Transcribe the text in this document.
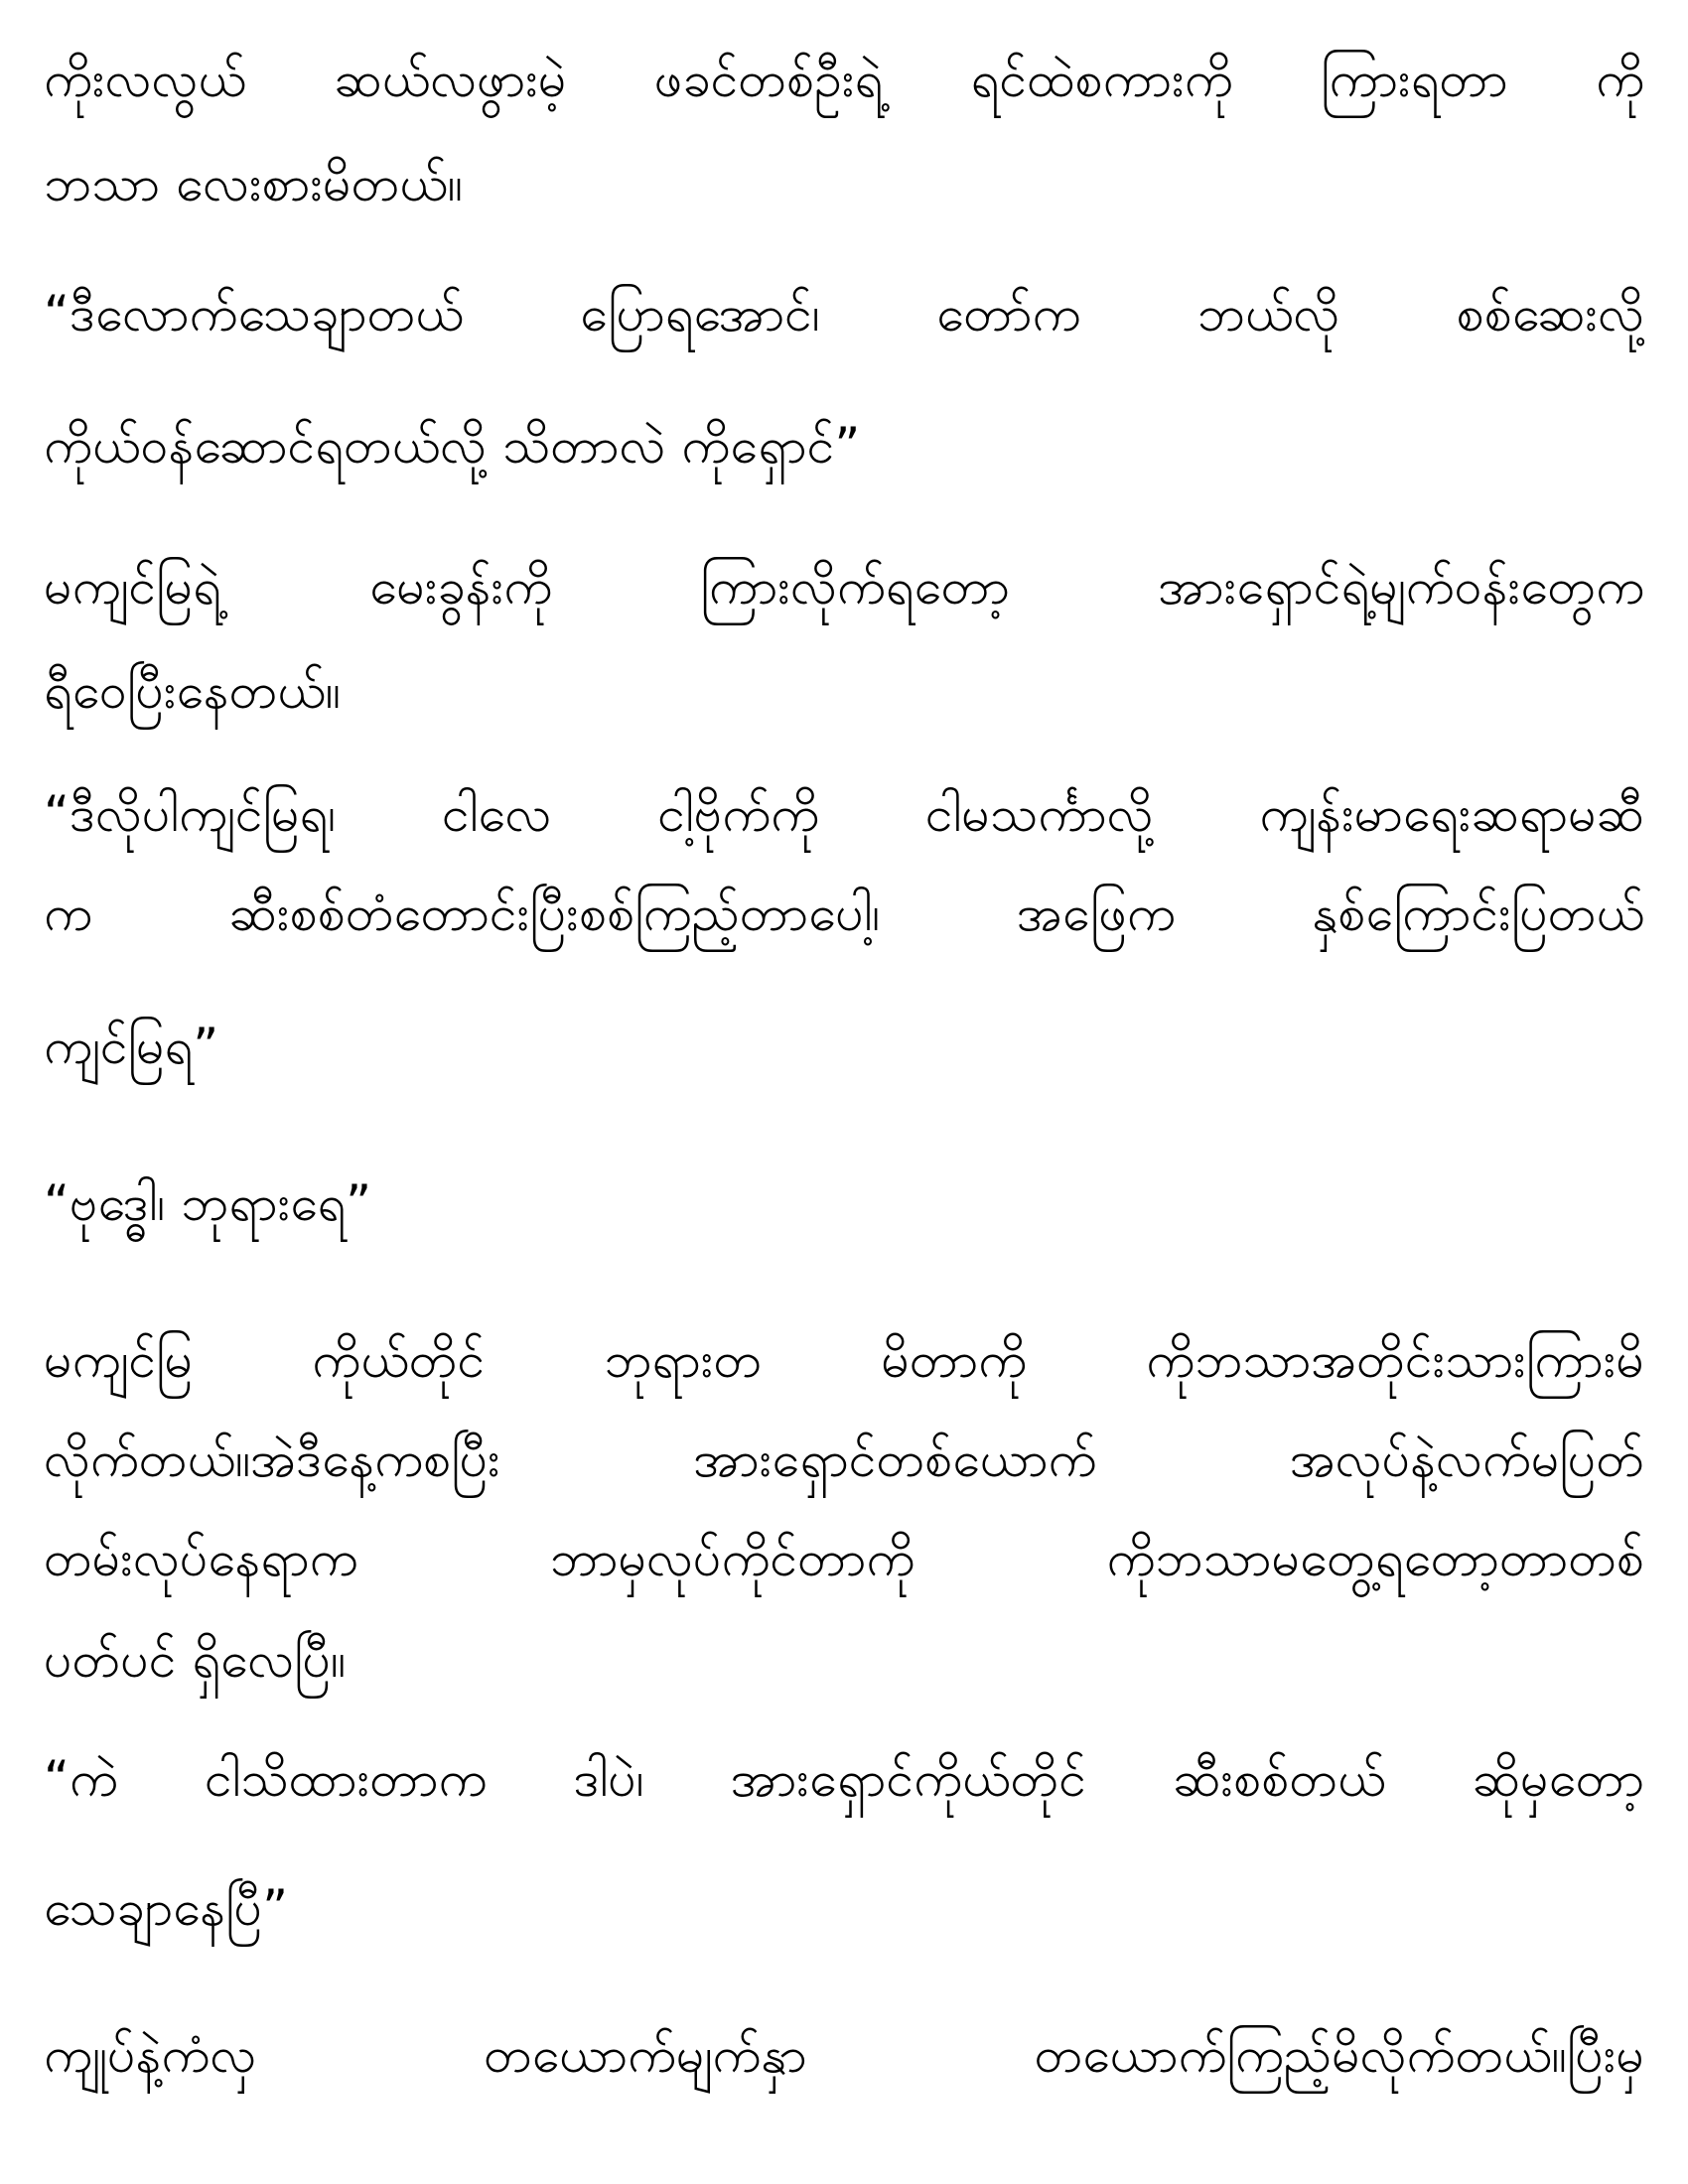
ကိုးလလွယ် ဆယ်လဖွားမဲ့ ဖခင်တစ်ဦးရဲ့ ရင်ထဲစကားကို ကြားရတာ ကို
ဘသာ လေးစားမိတယ်။
“ဒီလောက်သေချာတယ် ပြောရအောင်၊ တော်က ဘယ်လို စစ်ဆေးလို့
ကိုယ်ဝန်ဆောင်ရတယ်လို့ သိတာလဲ ကိုရှောင်”
မကျင်မြရဲ့ မေးခွန်းကို ကြားလိုက်ရတော့ အားရှောင်ရဲ့မျက်ဝန်းတွေက
ရီဝေပြီးနေတယ်။
“ဒီလိုပါကျင်မြရ၊ ငါလေ ငါ့ဗိုက်ကို ငါမသင်္ကာလို့ ကျန်းမာရေးဆရာမဆီ
က ဆီးစစ်တံတောင်းပြီးစစ်ကြည့်တာပေါ့၊ အဖြေက နှစ်ကြောင်းပြတယ်
ကျင်မြရ”
“ဗုဒ္ဓေါ၊ ဘုရားရေ”
မကျင်မြ ကိုယ်တိုင် ဘုရားတ မိတာကို ကိုဘသာအတိုင်းသားကြားမိ
လိုက်တယ်။အဲဒီနေ့ကစပြီး အားရှောင်တစ်ယောက် အလုပ်နဲ့လက်မပြတ်
တမ်းလုပ်နေရာက ဘာမှလုပ်ကိုင်တာကို ကိုဘသာမတွေ့ရတော့တာတစ်
ပတ်ပင် ရှိလေပြီ။
“ကဲ ငါသိထားတာက ဒါပဲ၊ အားရှောင်ကိုယ်တိုင် ဆီးစစ်တယ် ဆိုမှတော့
သေချာနေပြီ”
ကျုပ်နဲ့ကံလှ တယောက်မျက်နှာ တယောက်ကြည့်မိလိုက်တယ်။ပြီးမှ
